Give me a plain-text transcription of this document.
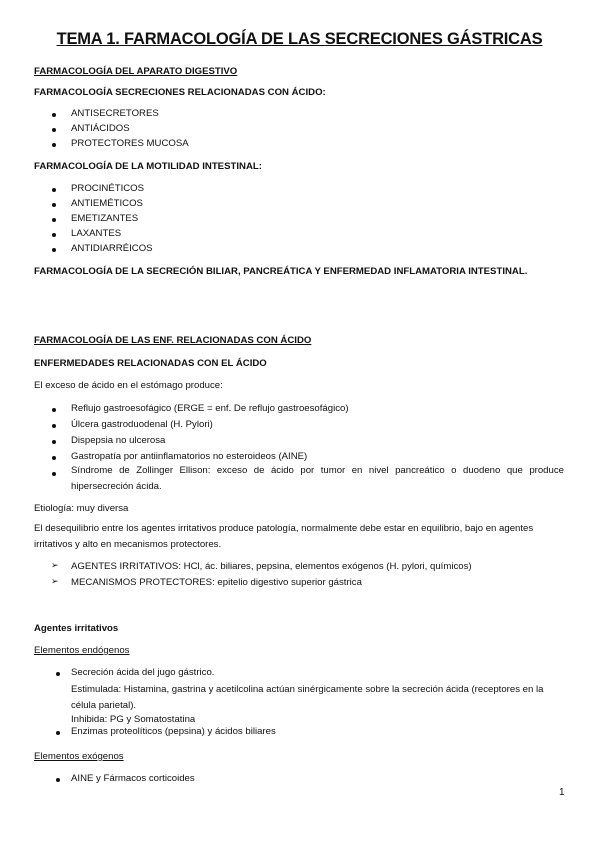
TEMA 1. FARMACOLOGÍA DE LAS SECRECIONES GÁSTRICAS
FARMACOLOGÍA DEL APARATO DIGESTIVO
FARMACOLOGÍA SECRECIONES RELACIONADAS CON ÁCIDO:
ANTISECRETORES
ANTIÁCIDOS
PROTECTORES MUCOSA
FARMACOLOGÍA DE LA MOTILIDAD INTESTINAL:
PROCINÉTICOS
ANTIEMÉTICOS
EMETIZANTES
LAXANTES
ANTIDIARRÉICOS
FARMACOLOGÍA DE LA SECRECIÓN BILIAR, PANCREÁTICA Y ENFERMEDAD INFLAMATORIA INTESTINAL.
FARMACOLOGÍA DE LAS ENF. RELACIONADAS CON ÁCIDO
ENFERMEDADES RELACIONADAS CON EL ÁCIDO
El exceso de ácido en el estómago produce:
Reflujo gastroesofágico (ERGE = enf. De reflujo gastroesofágico)
Úlcera gastroduodenal (H. Pylori)
Dispepsia no ulcerosa
Gastropatía por antiinflamatorios no esteroideos (AINE)
Síndrome de Zollinger Ellison: exceso de ácido por tumor en nivel pancreático o duodeno que produce hipersecreción ácida.
Etiología: muy diversa
El desequilibrio entre los agentes irritativos produce patología, normalmente debe estar en equilibrio, bajo en agentes irritativos y alto en mecanismos protectores.
➢ AGENTES IRRITATIVOS: HCl, ác. biliares, pepsina, elementos exógenos (H. pylori, químicos)
➢ MECANISMOS PROTECTORES: epitelio digestivo superior gástrica
Agentes irritativos
Elementos endógenos
Secreción ácida del jugo gástrico.
Estimulada: Histamina, gastrina y acetilcolina actúan sinérgicamente sobre la secreción ácida (receptores en la célula parietal).
Inhibida: PG y Somatostatina
Enzimas proteolíticos (pepsina) y ácidos biliares
Elementos exógenos
AINE y Fármacos corticoides
1
